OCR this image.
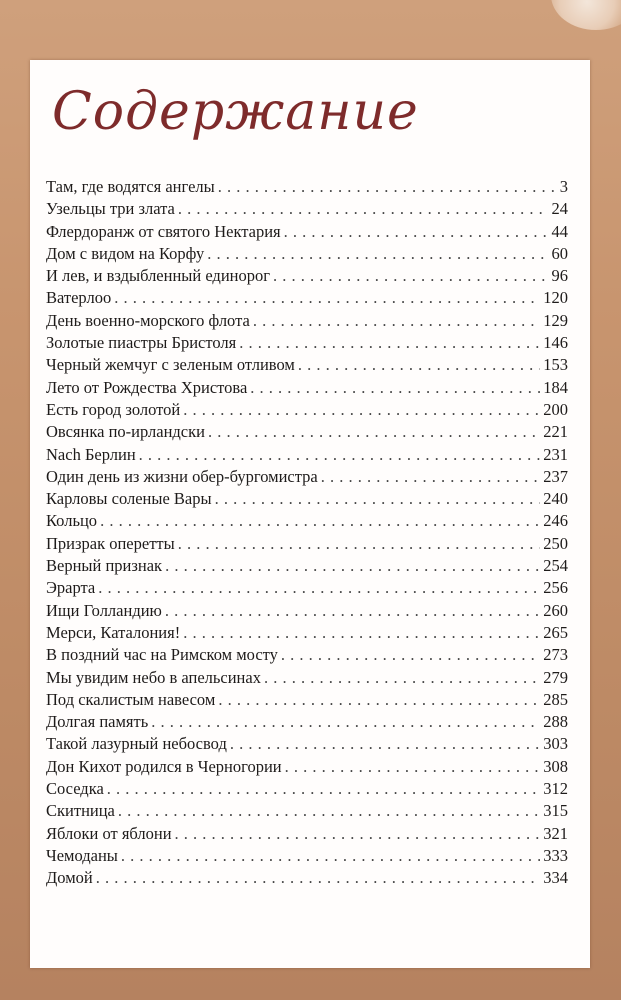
Содержание
Там, где водятся ангелы . . .	3
Узельцы три злата . . .	24
Флердоранж от святого Нектария . . .	44
Дом с видом на Корфу . . .	60
И лев, и вздыбленный единорог . . .	96
Ватерлоо . . .	120
День военно-морского флота . . .	129
Золотые пиастры Бристоля . . .	146
Черный жемчуг с зеленым отливом . . .	153
Лето от Рождества Христова . . .	184
Есть город золотой . . .	200
Овсянка по-ирландски . . .	221
Nach Берлин . . .	231
Один день из жизни обер-бургомистра . . .	237
Карловы соленые Вары . . .	240
Кольцо . . .	246
Призрак оперетты . . .	250
Верный признак . . .	254
Эрарта . . .	256
Ищи Голландию . . .	260
Мерси, Каталония! . . .	265
В поздний час на Римском мосту . . .	273
Мы увидим небо в апельсинах . . .	279
Под скалистым навесом . . .	285
Долгая память . . .	288
Такой лазурный небосвод . . .	303
Дон Кихот родился в Черногории . . .	308
Соседка . . .	312
Скитница . . .	315
Яблоки от яблони . . .	321
Чемоданы . . .	333
Домой . . .	334
